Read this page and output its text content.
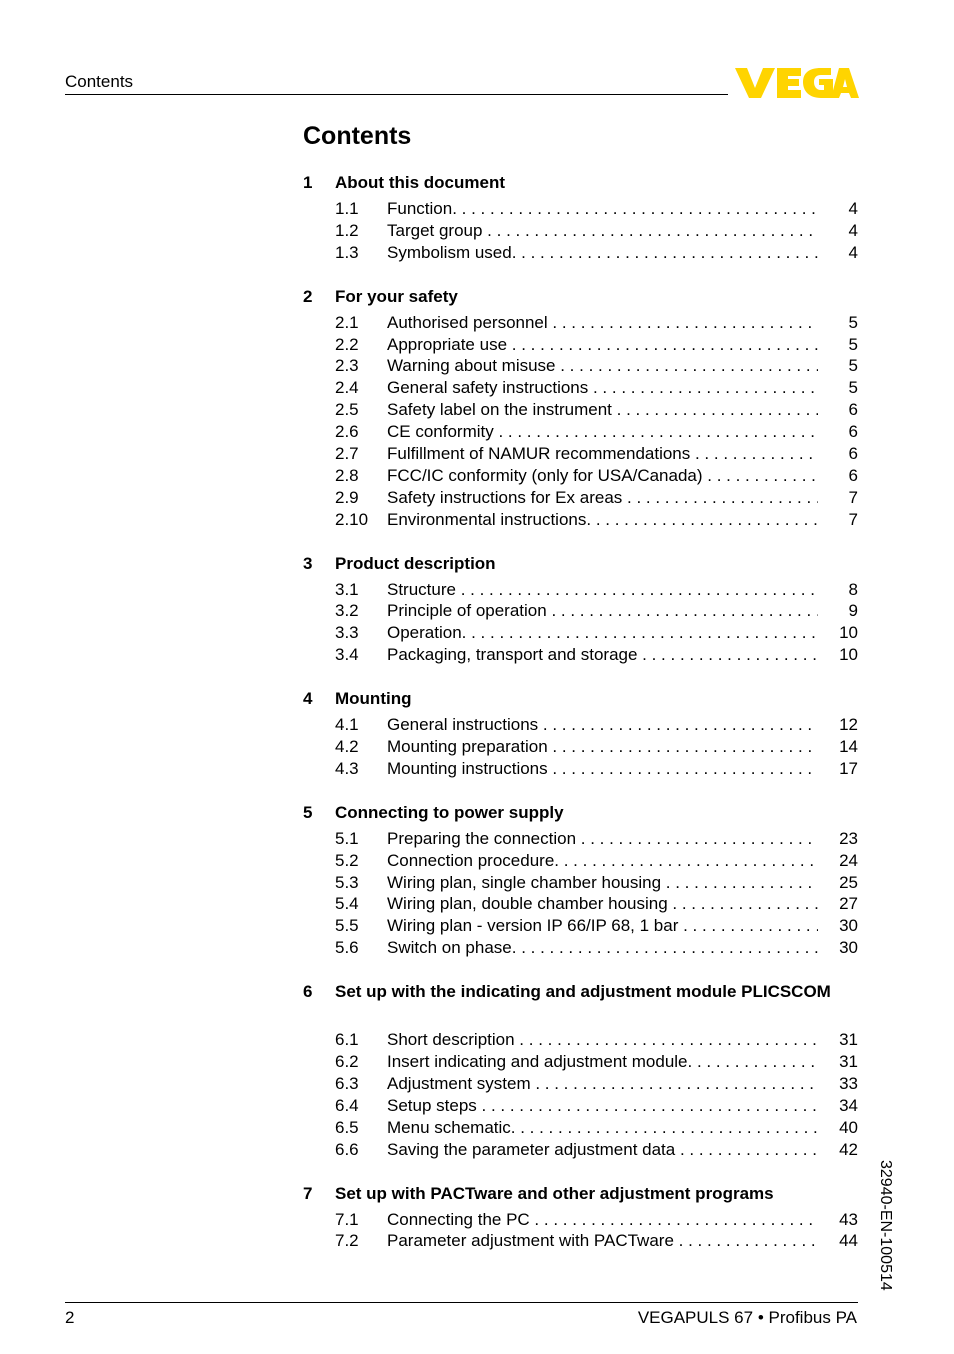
Contents
Contents
1	About this document
1.1	Function. . . .	4
1.2	Target group . . .	4
1.3	Symbolism used. . . .	4
2	For your safety
2.1	Authorised personnel . . .	5
2.2	Appropriate use . . .	5
2.3	Warning about misuse . . .	5
2.4	General safety instructions . . .	5
2.5	Safety label on the instrument . . .	6
2.6	CE conformity . . .	6
2.7	Fulfillment of NAMUR recommendations . . .	6
2.8	FCC/IC conformity (only for USA/Canada) . . .	6
2.9	Safety instructions for Ex areas . . .	7
2.10	Environmental instructions. . . .	7
3	Product description
3.1	Structure . . .	8
3.2	Principle of operation . . .	9
3.3	Operation. . . .	10
3.4	Packaging, transport and storage . . .	10
4	Mounting
4.1	General instructions . . .	12
4.2	Mounting preparation . . .	14
4.3	Mounting instructions . . .	17
5	Connecting to power supply
5.1	Preparing the connection . . .	23
5.2	Connection procedure. . . .	24
5.3	Wiring plan, single chamber housing . . .	25
5.4	Wiring plan, double chamber housing . . .	27
5.5	Wiring plan - version IP 66/IP 68, 1 bar . . .	30
5.6	Switch on phase. . . .	30
6	Set up with the indicating and adjustment module PLICSCOM
6.1	Short description . . .	31
6.2	Insert indicating and adjustment module. . . .	31
6.3	Adjustment system . . .	33
6.4	Setup steps . . .	34
6.5	Menu schematic. . . .	40
6.6	Saving the parameter adjustment data . . .	42
7	Set up with PACTware and other adjustment programs
7.1	Connecting the PC . . .	43
7.2	Parameter adjustment with PACTware . . .	44 32940-EN-100514
2	VEGAPULS 67 • Profibus PA
